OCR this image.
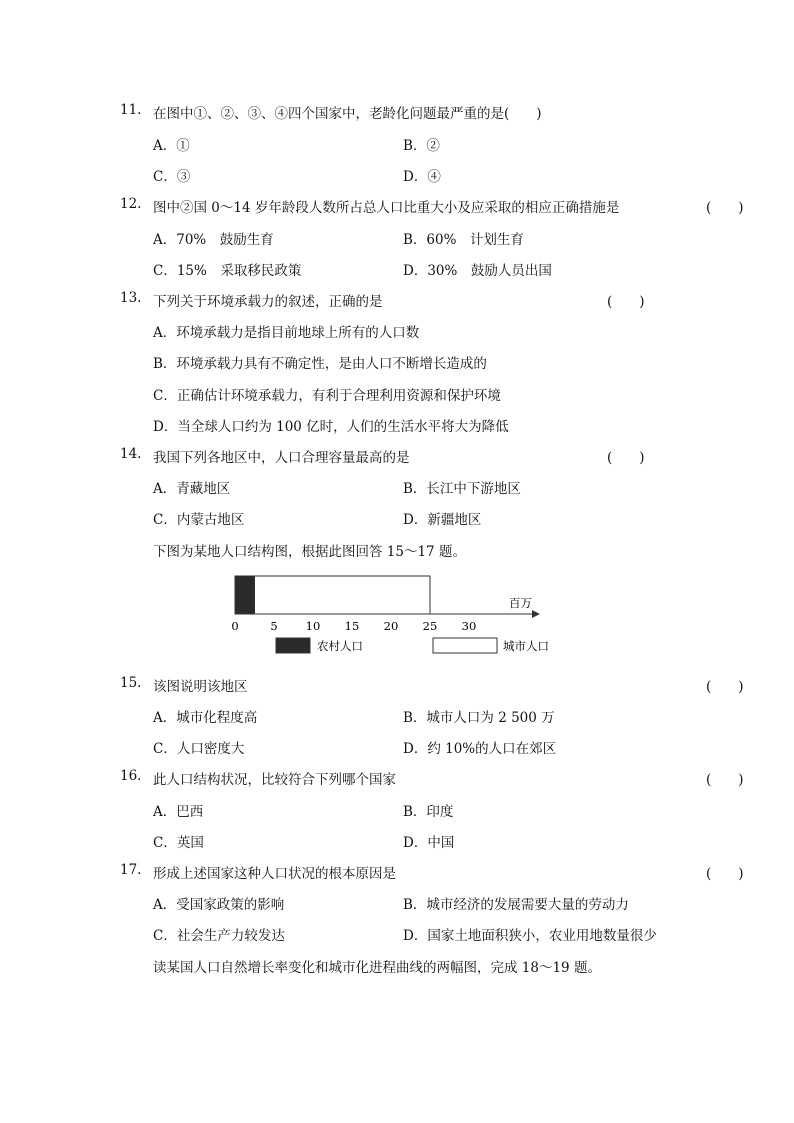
11. 在图中①、②、③、④四个国家中，老龄化问题最严重的是(　　)
A．①	B．②
C．③	D．④
12. 图中②国 0～14 岁年龄段人数所占总人口比重大小及应采取的相应正确措施是	(　　)
A．70%　鼓励生育	B．60%　计划生育
C．15%　采取移民政策	D．30%　鼓励人员出国
13. 下列关于环境承载力的叙述，正确的是	(　　)
A．环境承载力是指目前地球上所有的人口数
B．环境承载力具有不确定性，是由人口不断增长造成的
C．正确估计环境承载力，有利于合理利用资源和保护环境
D．当全球人口约为 100 亿时，人们的生活水平将大为降低
14. 我国下列各地区中，人口合理容量最高的是	(　　)
A．青藏地区	B．长江中下游地区
C．内蒙古地区	D．新疆地区
下图为某地人口结构图，根据此图回答 15～17 题。
百万
0	5 10 15 20 25 30
农村人口	城市人口
15. 该图说明该地区	(　　)
A．城市化程度高	B．城市人口为 2 500 万
C．人口密度大	D．约 10%的人口在郊区
16. 此人口结构状况，比较符合下列哪个国家	(　　)
A．巴西	B．印度
C．英国	D．中国
17. 形成上述国家这种人口状况的根本原因是	(　　)
A．受国家政策的影响	B．城市经济的发展需要大量的劳动力
C．社会生产力较发达	D．国家土地面积狭小，农业用地数量很少
读某国人口自然增长率变化和城市化进程曲线的两幅图，完成 18～19 题。
